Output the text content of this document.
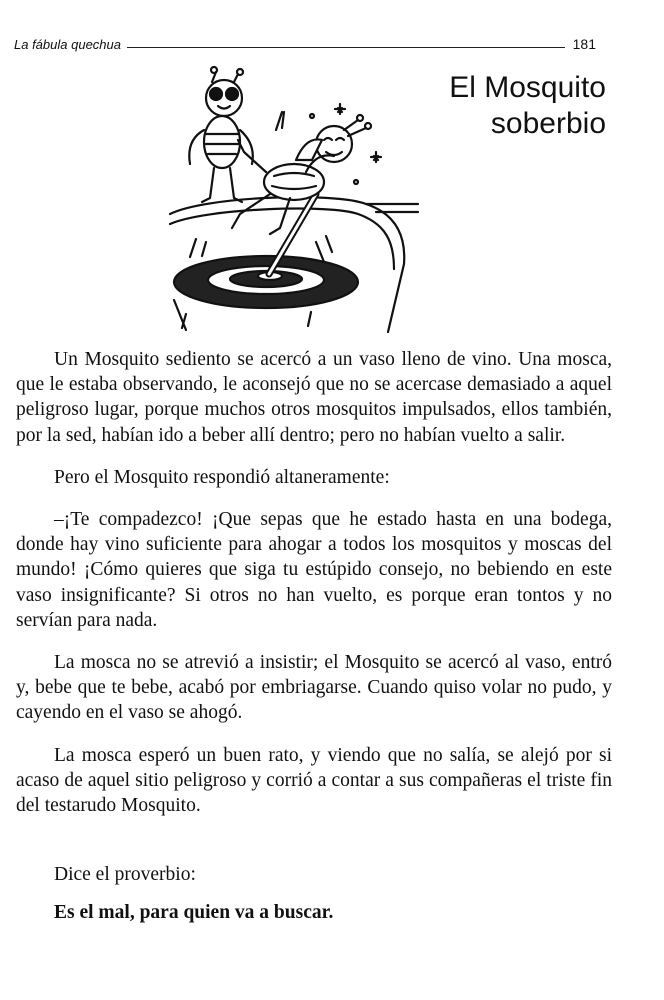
La fábula quechua	181
El Mosquito
soberbio

Un Mosquito sediento se acercó a un vaso lleno de vino. Una mosca, que le estaba observando, le aconsejó que no se acercase demasiado a aquel peligroso lugar, porque muchos otros mosquitos impulsados, ellos también, por la sed, habían ido a beber allí dentro; pero no habían vuelto a salir.

Pero el Mosquito respondió altaneramente:

–¡Te compadezco! ¡Que sepas que he estado hasta en una bodega, donde hay vino suficiente para ahogar a todos los mosquitos y moscas del mundo! ¡Cómo quieres que siga tu estúpido consejo, no bebiendo en este vaso insignificante? Si otros no han vuelto, es porque eran tontos y no servían para nada.

La mosca no se atrevió a insistir; el Mosquito se acercó al vaso, entró y, bebe que te bebe, acabó por embriagarse. Cuando quiso volar no pudo, y cayendo en el vaso se ahogó.

La mosca esperó un buen rato, y viendo que no salía, se alejó por si acaso de aquel sitio peligroso y corrió a contar a sus compañeras el triste fin del testarudo Mosquito.

Dice el proverbio:

Es el mal, para quien va a buscar.
